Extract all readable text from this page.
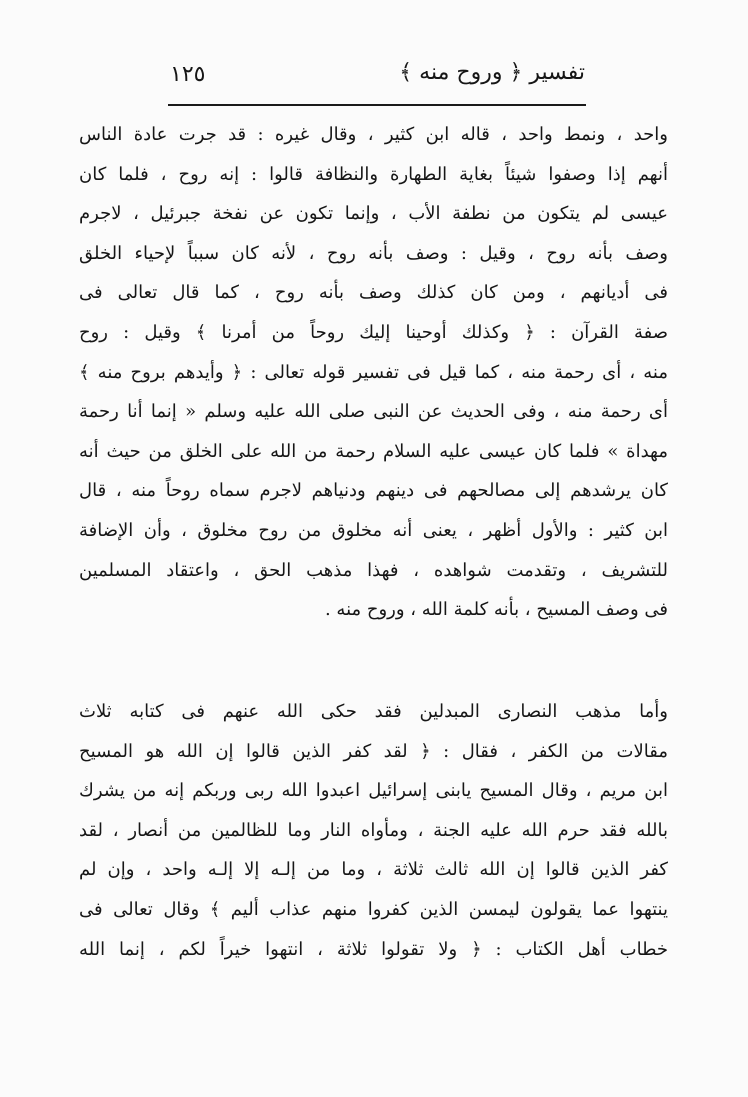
تفسير ﴿ وروح منه ﴾
١٢٥
واحد ، ونمط واحد ، قاله ابن كثير ، وقال غيره : قد جرت عادة الناس
أنهم إذا وصفوا شيئاً بغاية الطهارة والنظافة قالوا : إنه روح ، فلما كان
عيسى لم يتكون من نطفة الأب ، وإنما تكون عن نفخة جبرئيل ، لاجرم
وصف بأنه روح ، وقيل : وصف بأنه روح ، لأنه كان سبباً لإحياء الخلق
فى أديانهم ، ومن كان كذلك وصف بأنه روح ، كما قال تعالى فى
صفة القرآن : ﴿ وكذلك أوحينا إليك روحاً من أمرنا ﴾ وقيل : روح
منه ، أى رحمة منه ، كما قيل فى تفسير قوله تعالى : ﴿ وأيدهم بروح منه ﴾
أى رحمة منه ، وفى الحديث عن النبى صلى الله عليه وسلم « إنما أنا رحمة
مهداة » فلما كان عيسى عليه السلام رحمة من الله على الخلق من حيث أنه
كان يرشدهم إلى مصالحهم فى دينهم ودنياهم لاجرم سماه روحاً منه ، قال
ابن كثير : والأول أظهر ، يعنى أنه مخلوق من روح مخلوق ، وأن الإضافة
للتشريف ، وتقدمت شواهده ، فهذا مذهب الحق ، واعتقاد المسلمين
فى وصف المسيح ، بأنه كلمة الله ، وروح منه .
وأما مذهب النصارى المبدلين فقد حكى الله عنهم فى كتابه ثلاث
مقالات من الكفر ، فقال : ﴿ لقد كفر الذين قالوا إن الله هو المسيح
ابن مريم ، وقال المسيح يابنى إسرائيل اعبدوا الله ربى وربكم إنه من يشرك
بالله فقد حرم الله عليه الجنة ، ومأواه النار وما للظالمين من أنصار ، لقد
كفر الذين قالوا إن الله ثالث ثلاثة ، وما من إلـه إلا إلـه واحد ، وإن لم
ينتهوا عما يقولون ليمسن الذين كفروا منهم عذاب أليم ﴾ وقال تعالى فى
خطاب أهل الكتاب : ﴿ ولا تقولوا ثلاثة ، انتهوا خيراً لكم ، إنما الله
